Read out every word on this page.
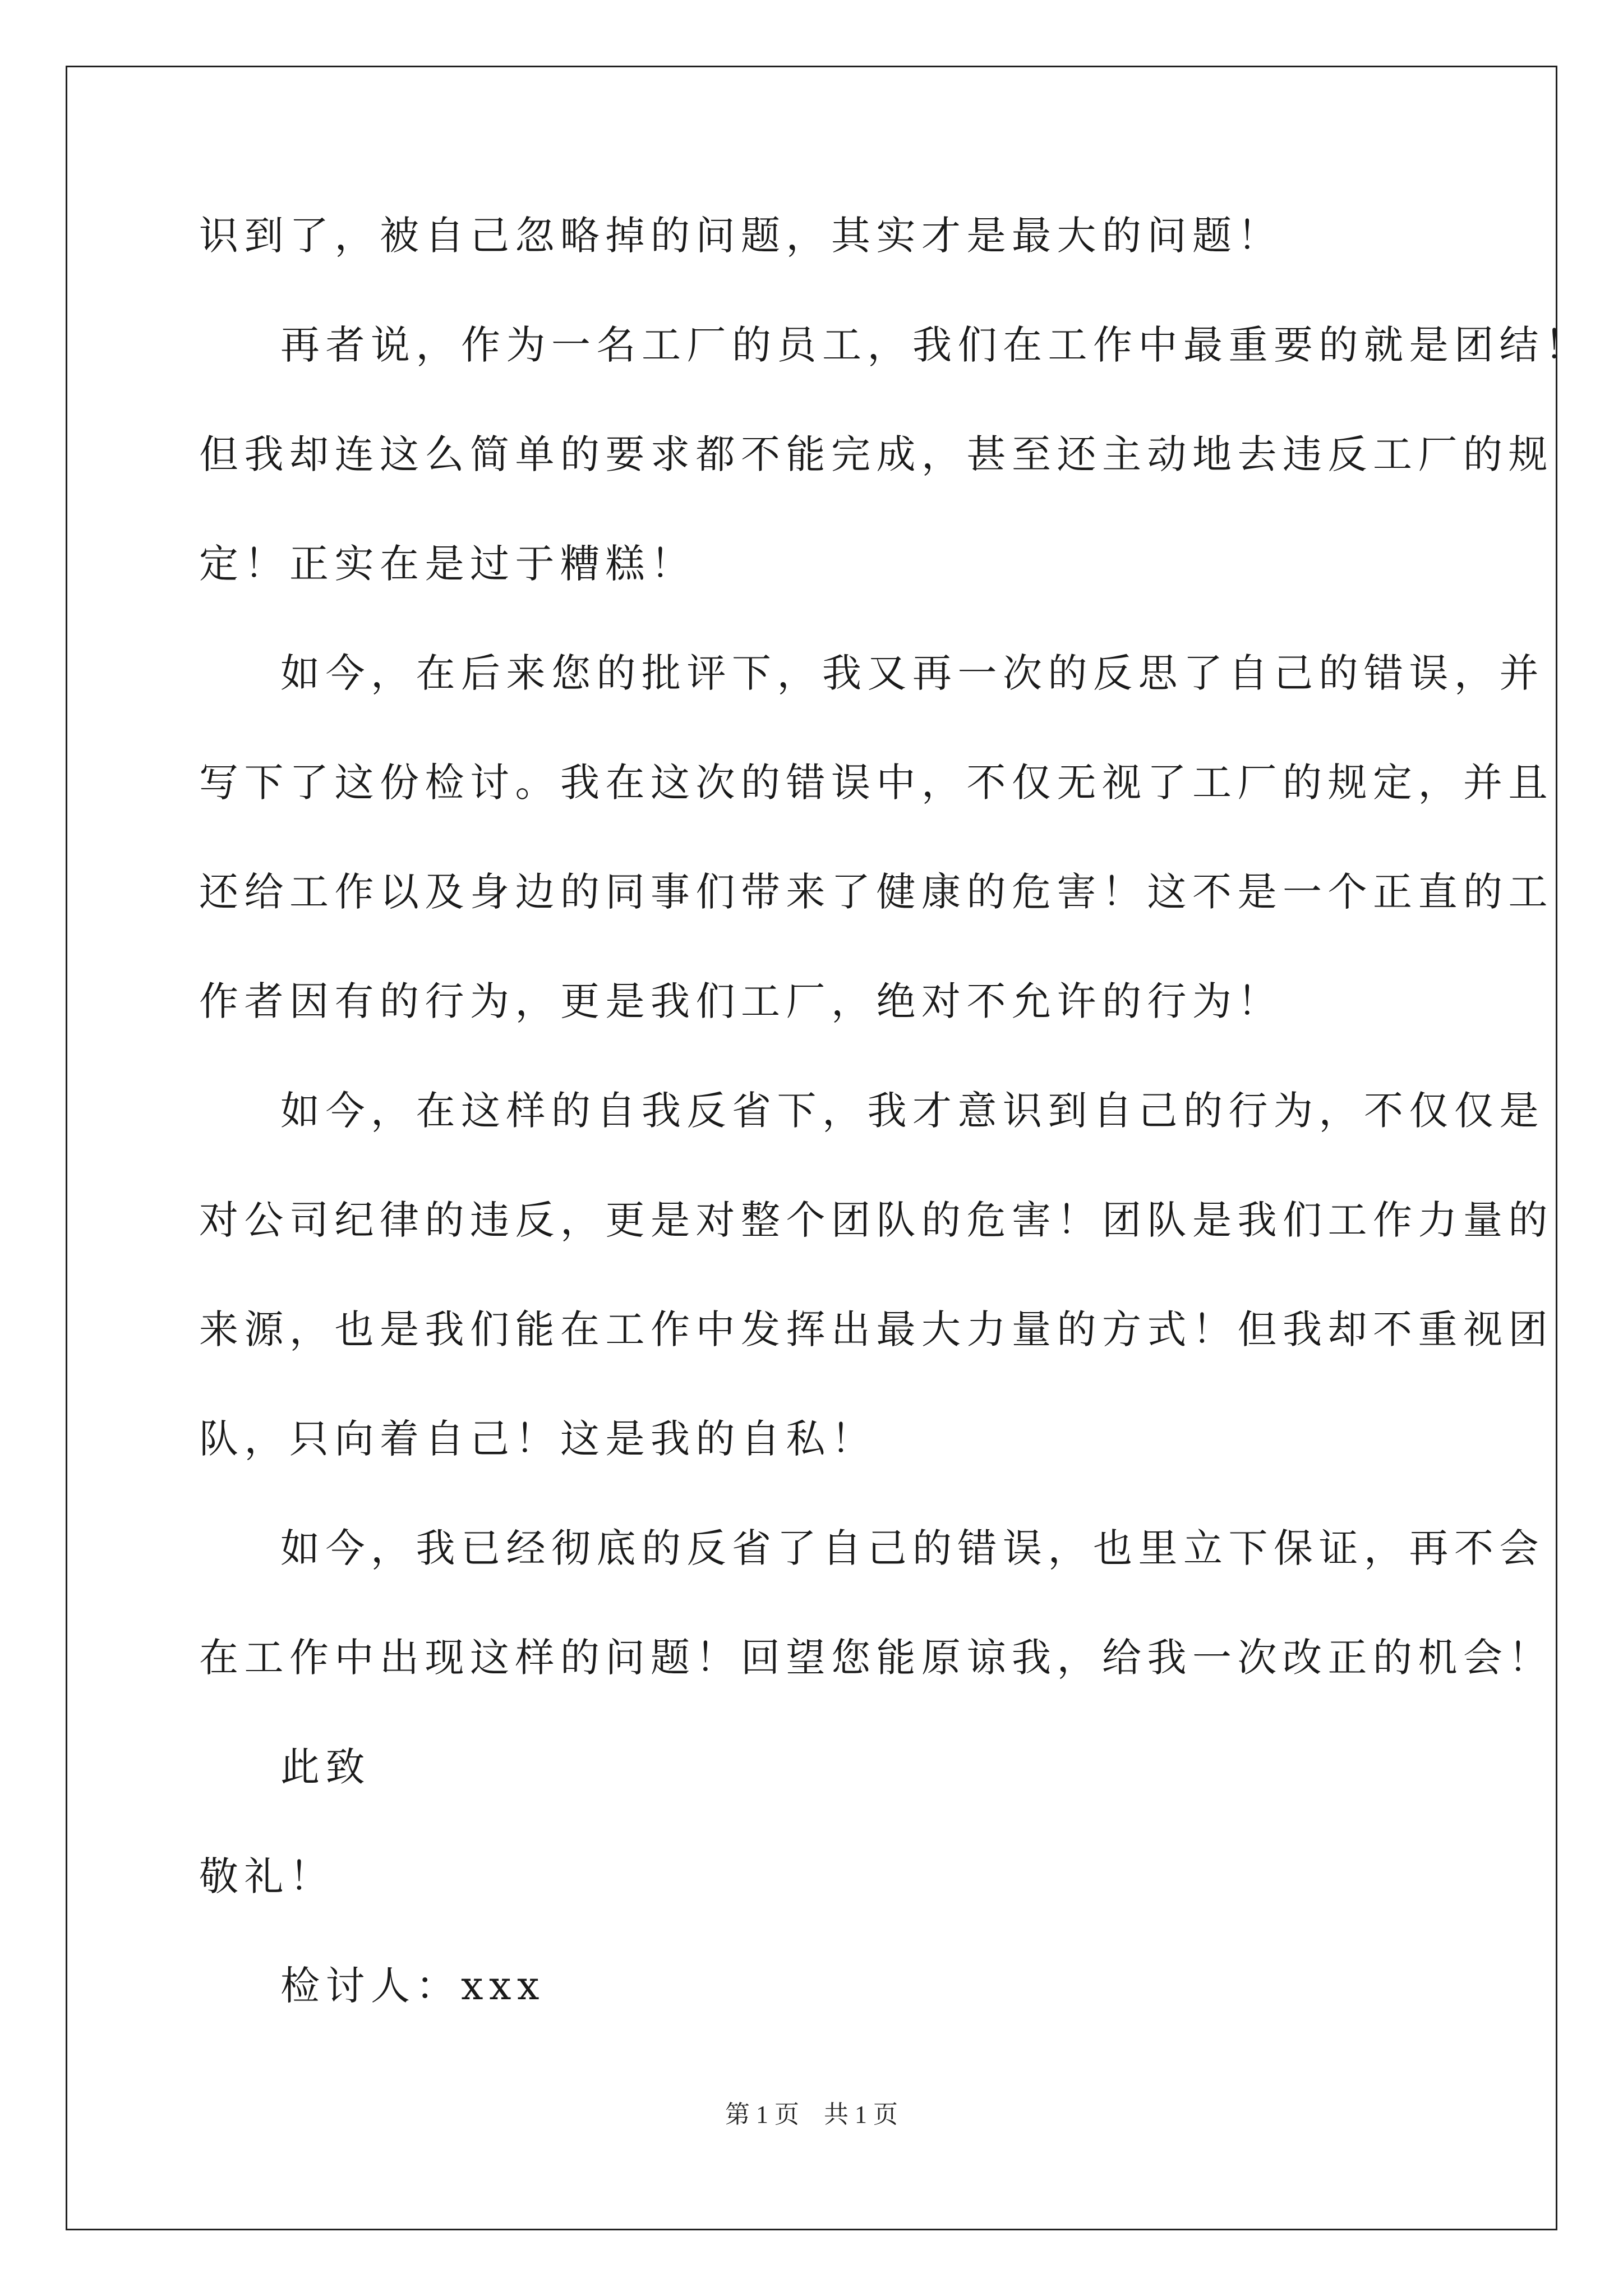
识到了，被自己忽略掉的问题，其实才是最大的问题！
再者说，作为一名工厂的员工，我们在工作中最重要的就是团结！
但我却连这么简单的要求都不能完成，甚至还主动地去违反工厂的规
定！正实在是过于糟糕！
如今，在后来您的批评下，我又再一次的反思了自己的错误，并
写下了这份检讨。我在这次的错误中，不仅无视了工厂的规定，并且
还给工作以及身边的同事们带来了健康的危害！这不是一个正直的工
作者因有的行为，更是我们工厂，绝对不允许的行为！
如今，在这样的自我反省下，我才意识到自己的行为，不仅仅是
对公司纪律的违反，更是对整个团队的危害！团队是我们工作力量的
来源，也是我们能在工作中发挥出最大力量的方式！但我却不重视团
队，只向着自己！这是我的自私！
如今，我已经彻底的反省了自己的错误，也里立下保证，再不会
在工作中出现这样的问题！回望您能原谅我，给我一次改正的机会！
此致
敬礼！
检讨人：xxx
第 1 页 共 1 页
